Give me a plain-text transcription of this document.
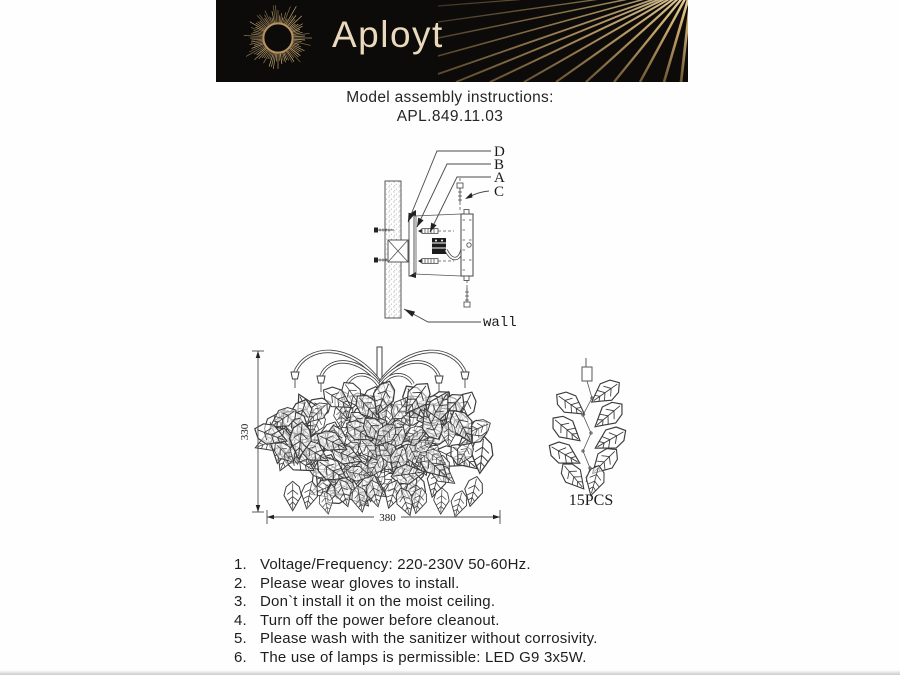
Aployt
Model assembly instructions:
APL.849.11.03
D
B
A
C
wall
330
380
15PCS
1. Voltage/Frequency: 220-230V 50-60Hz.
2. Please wear gloves to install.
3. Don`t install it on the moist ceiling.
4. Turn off the power before cleanout.
5. Please wash with the sanitizer without corrosivity.
6. The use of lamps is permissible: LED G9 3x5W.
